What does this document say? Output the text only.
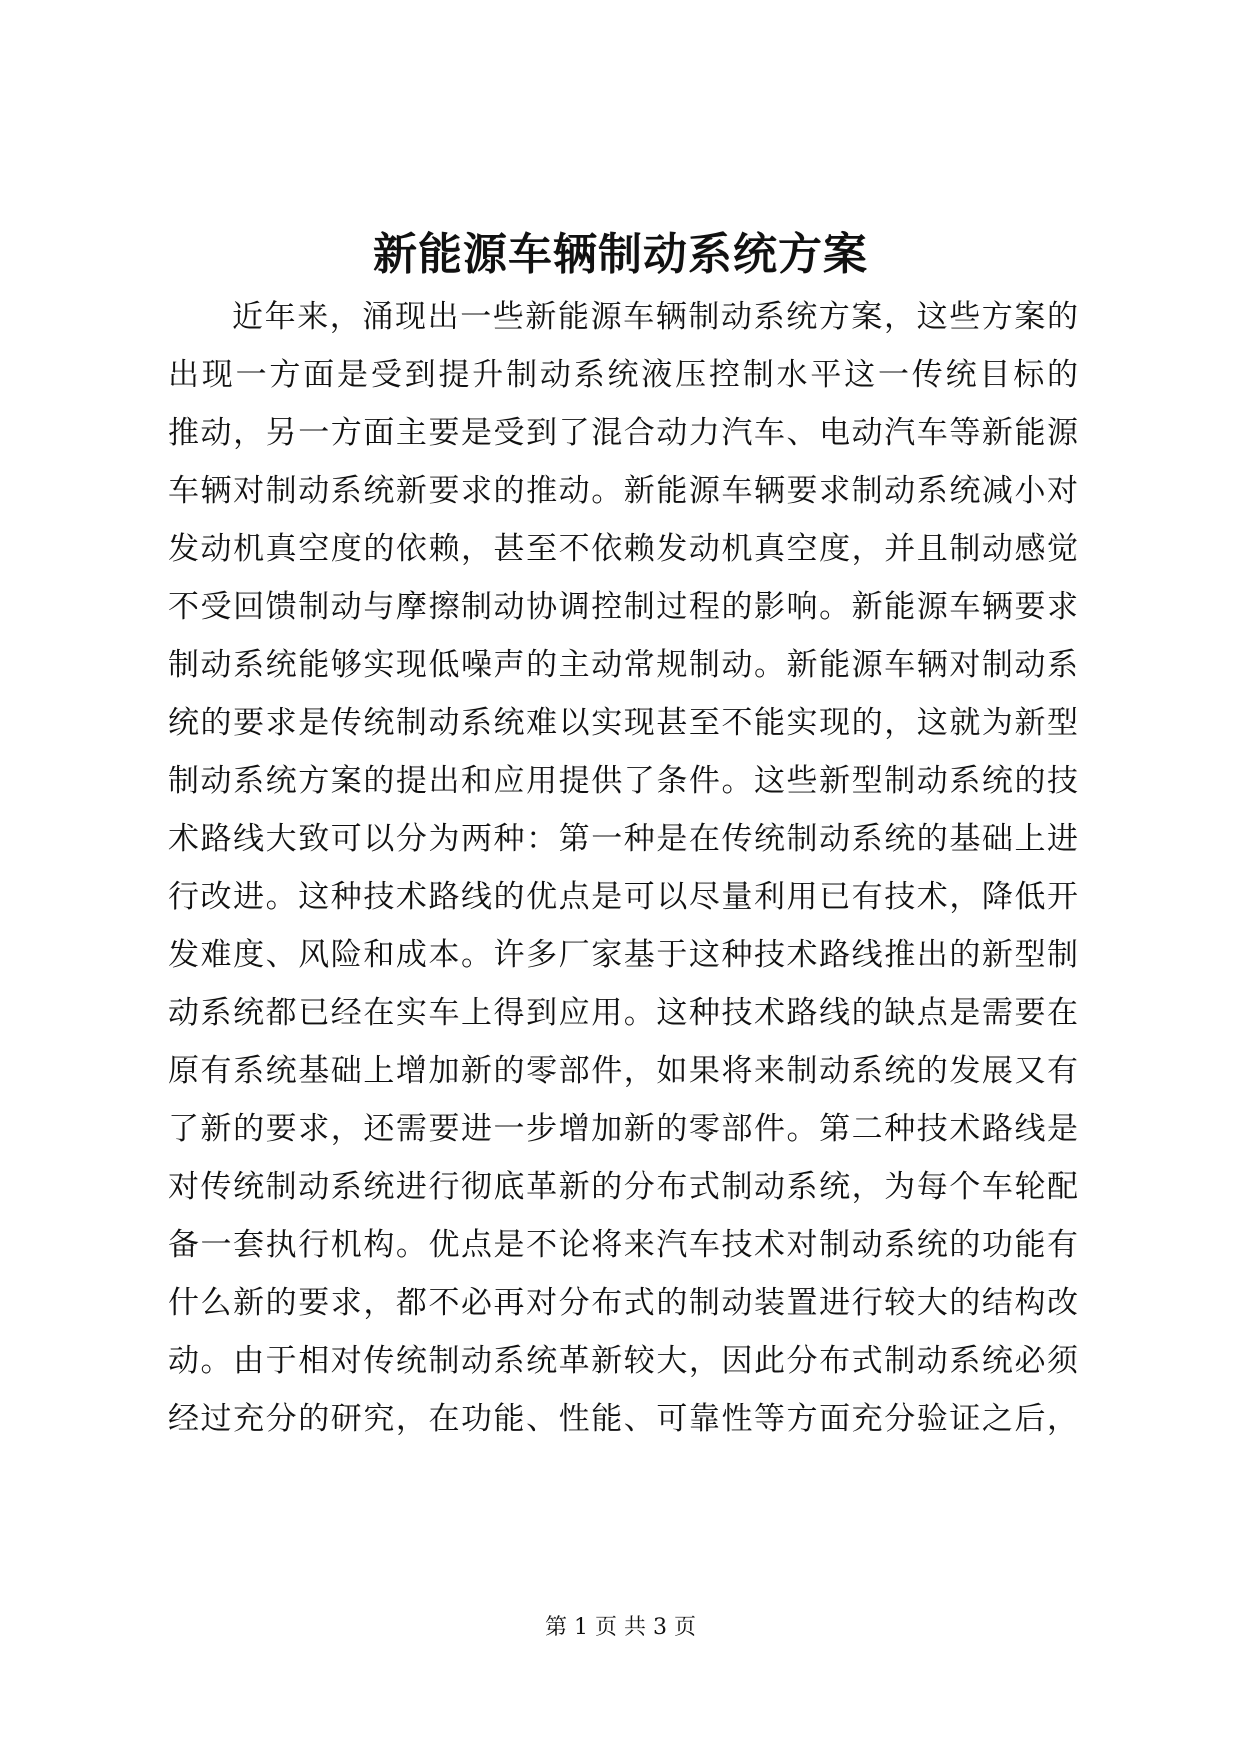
新能源车辆制动系统方案
近年来，涌现出一些新能源车辆制动系统方案，这些方案的
出现一方面是受到提升制动系统液压控制水平这一传统目标的
推动，另一方面主要是受到了混合动力汽车、电动汽车等新能源
车辆对制动系统新要求的推动。新能源车辆要求制动系统减小对
发动机真空度的依赖，甚至不依赖发动机真空度，并且制动感觉
不受回馈制动与摩擦制动协调控制过程的影响。新能源车辆要求
制动系统能够实现低噪声的主动常规制动。新能源车辆对制动系
统的要求是传统制动系统难以实现甚至不能实现的，这就为新型
制动系统方案的提出和应用提供了条件。这些新型制动系统的技
术路线大致可以分为两种：第一种是在传统制动系统的基础上进
行改进。这种技术路线的优点是可以尽量利用已有技术，降低开
发难度、风险和成本。许多厂家基于这种技术路线推出的新型制
动系统都已经在实车上得到应用。这种技术路线的缺点是需要在
原有系统基础上增加新的零部件，如果将来制动系统的发展又有
了新的要求，还需要进一步增加新的零部件。第二种技术路线是
对传统制动系统进行彻底革新的分布式制动系统，为每个车轮配
备一套执行机构。优点是不论将来汽车技术对制动系统的功能有
什么新的要求，都不必再对分布式的制动装置进行较大的结构改
动。由于相对传统制动系统革新较大，因此分布式制动系统必须
经过充分的研究，在功能、性能、可靠性等方面充分验证之后，
第 1 页 共 3 页
